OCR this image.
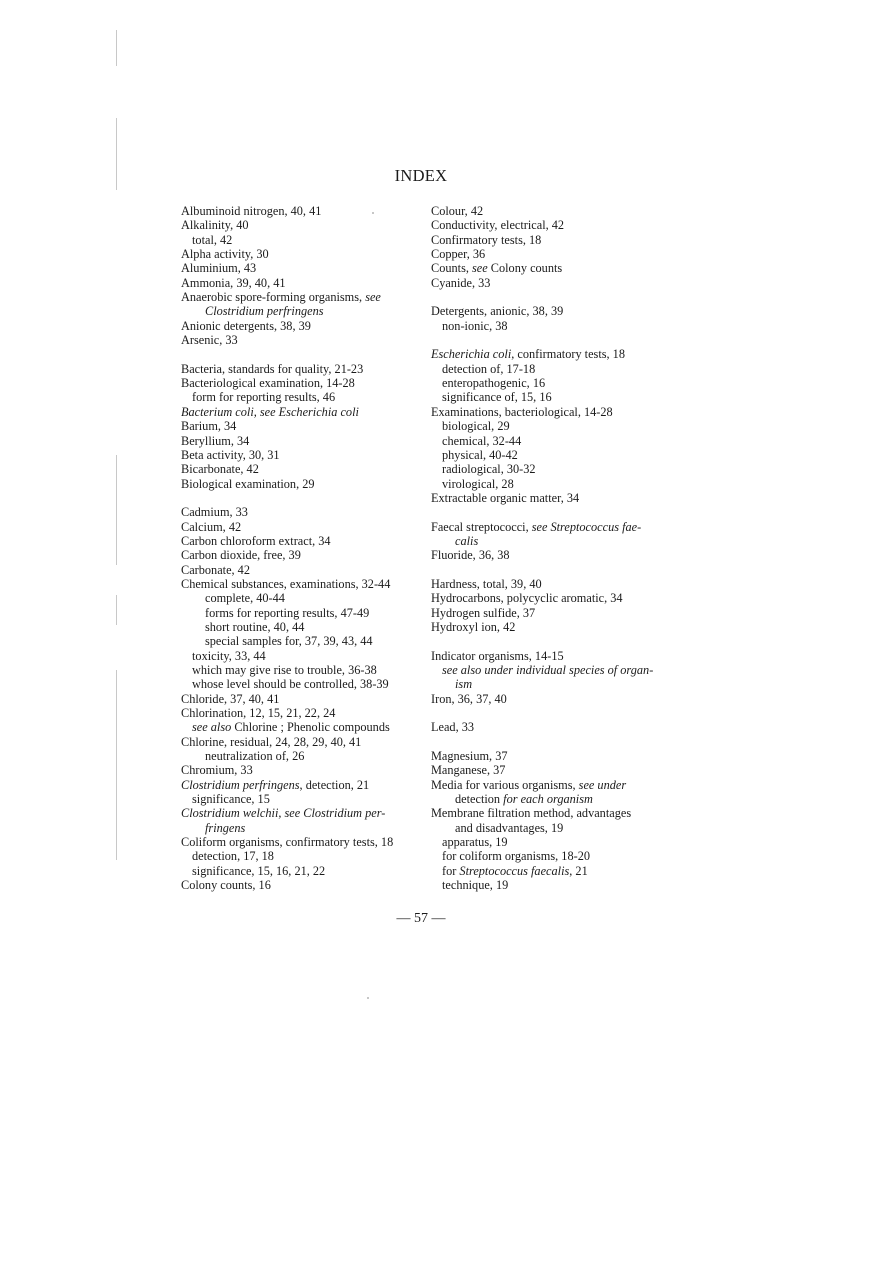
INDEX
Albuminoid nitrogen, 40, 41
Alkalinity, 40
total, 42
Alpha activity, 30
Aluminium, 43
Ammonia, 39, 40, 41
Anaerobic spore-forming organisms, see
Clostridium perfringens
Anionic detergents, 38, 39
Arsenic, 33
Bacteria, standards for quality, 21-23
Bacteriological examination, 14-28
form for reporting results, 46
Bacterium coli, see Escherichia coli
Barium, 34
Beryllium, 34
Beta activity, 30, 31
Bicarbonate, 42
Biological examination, 29
Cadmium, 33
Calcium, 42
Carbon chloroform extract, 34
Carbon dioxide, free, 39
Carbonate, 42
Chemical substances, examinations, 32-44
complete, 40-44
forms for reporting results, 47-49
short routine, 40, 44
special samples for, 37, 39, 43, 44
toxicity, 33, 44
which may give rise to trouble, 36-38
whose level should be controlled, 38-39
Chloride, 37, 40, 41
Chlorination, 12, 15, 21, 22, 24
see also Chlorine ; Phenolic compounds
Chlorine, residual, 24, 28, 29, 40, 41
neutralization of, 26
Chromium, 33
Clostridium perfringens, detection, 21
significance, 15
Clostridium welchii, see Clostridium per-
fringens
Coliform organisms, confirmatory tests, 18
detection, 17, 18
significance, 15, 16, 21, 22
Colony counts, 16
Colour, 42
Conductivity, electrical, 42
Confirmatory tests, 18
Copper, 36
Counts, see Colony counts
Cyanide, 33
Detergents, anionic, 38, 39
non-ionic, 38
Escherichia coli, confirmatory tests, 18
detection of, 17-18
enteropathogenic, 16
significance of, 15, 16
Examinations, bacteriological, 14-28
biological, 29
chemical, 32-44
physical, 40-42
radiological, 30-32
virological, 28
Extractable organic matter, 34
Faecal streptococci, see Streptococcus fae-
calis
Fluoride, 36, 38
Hardness, total, 39, 40
Hydrocarbons, polycyclic aromatic, 34
Hydrogen sulfide, 37
Hydroxyl ion, 42
Indicator organisms, 14-15
see also under individual species of organ-
ism
Iron, 36, 37, 40
Lead, 33
Magnesium, 37
Manganese, 37
Media for various organisms, see under
detection for each organism
Membrane filtration method, advantages
and disadvantages, 19
apparatus, 19
for coliform organisms, 18-20
for Streptococcus faecalis, 21
technique, 19
— 57 —
